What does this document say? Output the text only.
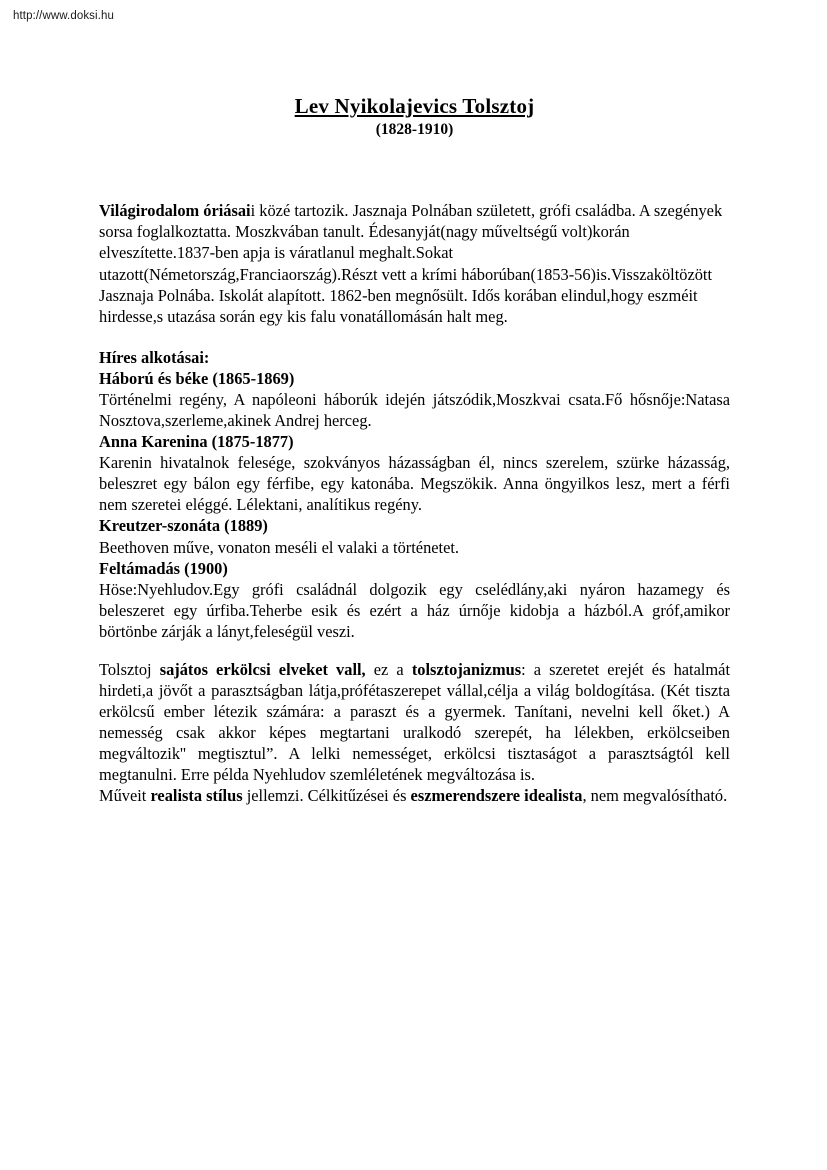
http://www.doksi.hu
Lev Nyikolajevics Tolsztoj
(1828-1910)

Világirodalom óriásaii közé tartozik. Jasznaja Polnában született, grófi családba. A szegények sorsa foglalkoztatta. Moszkvában tanult. Édesanyját(nagy műveltségű volt)korán elveszítette.1837-ben apja is váratlanul meghalt.Sokat

utazott(Németország,Franciaország).Részt vett a krími háborúban(1853-56)is.Visszaköltözött Jasznaja Polnába. Iskolát alapított. 1862-ben megnősült. Idős korában elindul,hogy eszméit hirdesse,s utazása során egy kis falu vonatállomásán halt meg.

Híres alkotásai:
Háború és béke (1865-1869)

Történelmi regény, A napóleoni háborúk idején játszódik,Moszkvai csata.Fő hősnője:Natasa Nosztova,szerleme,akinek Andrej herceg.

Anna Karenina (1875-1877)

Karenin hivatalnok felesége, szokványos házasságban él, nincs szerelem, szürke házasság, beleszret egy bálon egy férfibe, egy katonába. Megszökik. Anna öngyilkos lesz, mert a férfi nem szeretei eléggé. Lélektani, analítikus regény.

Kreutzer-szonáta (1889)

Beethoven műve, vonaton meséli el valaki a történetet.

Feltámadás (1900)

Höse:Nyehludov.Egy grófi családnál dolgozik egy cselédlány,aki nyáron hazamegy és beleszeret egy úrfiba.Teherbe esik és ezért a ház úrnője kidobja a házból.A gróf,amikor börtönbe zárják a lányt,feleségül veszi.

Tolsztoj sajátos erkölcsi elveket vall, ez a tolsztojanizmus: a szeretet erejét és hatalmát hirdeti,a jövőt a parasztságban látja,prófétaszerepet vállal,célja a világ boldogítása. (Két tiszta erkölcsű ember létezik számára: a paraszt és a gyermek. Tanítani, nevelni kell őket.) A nemesség csak akkor képes megtartani uralkodó szerepét, ha lélekben, erkölcseiben megváltozik'' megtisztul”. A lelki nemességet, erkölcsi tisztaságot a parasztságtól kell megtanulni. Erre példa Nyehludov szemléletének megváltozása is.

Műveit realista stílus jellemzi. Célkitűzései és eszmerendszere idealista, nem megvalósítható.
